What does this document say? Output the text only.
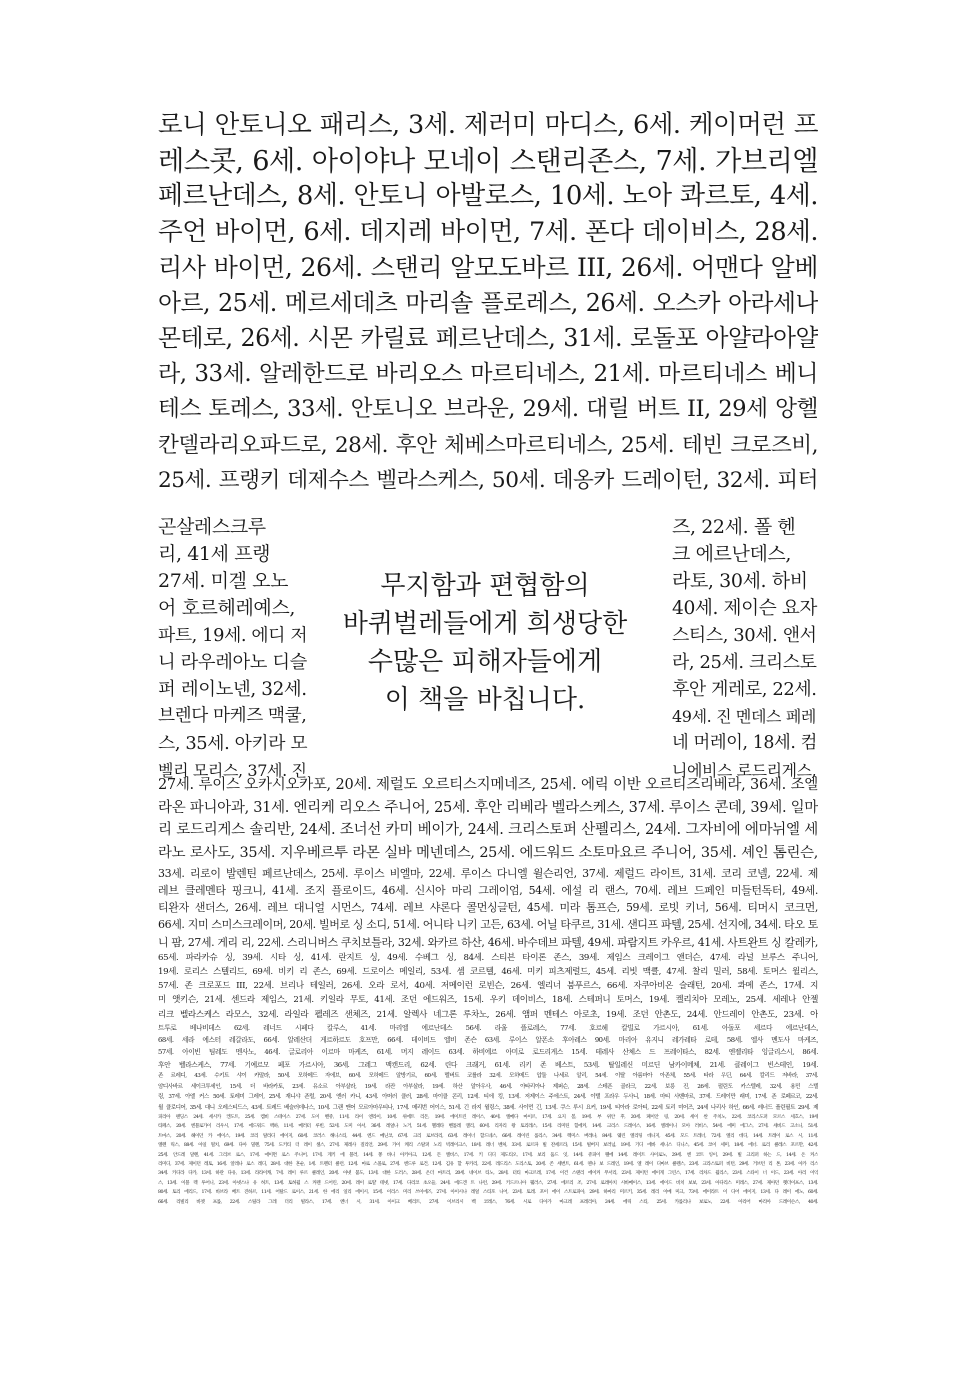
로니 안토니오 패리스, 3세. 제러미 마디스, 6세. 케이머런 프
레스콧, 6세. 아이야나 모네이 스탠리존스, 7세. 가브리엘
페르난데스, 8세. 안토니 아발로스, 10세. 노아 콰르토, 4세.
주언 바이먼, 6세. 데지레 바이먼, 7세. 폰다 데이비스, 28세.
리사 바이먼, 26세. 스탠리 알모도바르 III, 26세. 어맨다 알베
아르, 25세. 메르세데츠 마리솔 플로레스, 26세. 오스카 아라세나
몬테로, 26세. 시몬 카릴료 페르난데스, 31세. 로돌포 아얄라아얄
라, 33세. 알레한드로 바리오스 마르티네스, 21세. 마르티네스 베니
테스 토레스, 33세. 안토니오 브라운, 29세. 대릴 버트 II, 29세 앙헬
칸델라리오파드로, 28세. 후안 체베스마르티네스, 25세. 테빈 크로즈비,
25세. 프랭키 데제수스 벨라스케스, 50세. 데옹카 드레이턴, 32세. 피터
곤살레스크루
리, 41세 프랭
27세. 미겔 오노
어 호르헤레예스,
파트, 19세. 에디 저
니 라우레아노 디슬
퍼 레이노넨, 32세.
브렌다 마케즈 맥쿨,
스, 35세. 아키라 모
벨리 모리스, 37세. 진
무지함과 편협함의
바퀴벌레들에게 희생당한
수많은 피해자들에게
이 책을 바칩니다.
즈, 22세. 폴 헨
크 에르난데스,
라토, 30세. 하비
40세. 제이슨 요자
스티스, 30세. 앤서
라, 25세. 크리스토
후안 게레로, 22세.
49세. 진 멘데스 페레
네 머레이, 18세. 컴
니에비스 로드리게스,
27세. 루이스 오카시오카포, 20세. 제럴도 오르티스지메네즈, 25세. 에릭 이반 오르티즈리베라, 36세. 조엘
라온 파니아과, 31세. 엔리케 리오스 주니어, 25세. 후안 리베라 벨라스케스, 37세. 루이스 콘데, 39세. 일마
리 로드리게스 솔리반, 24세. 조너선 카미 베이가, 24세. 크리스토퍼 산펠리스, 24세. 그자비에 에마뉘엘 세
라노 로사도, 35세. 지우베르투 라몬 실바 메넨데스, 25세. 에드워드 소토마요르 주니어, 35세. 셰인 톰린슨,
33세. 리로이 발렌틴 페르난데스, 25세. 루이스 비엘마, 22세. 루이스 다니엘 윌슨리언, 37세. 제럴드 라이트, 31세. 코리 코넬, 22세. 제
레브 클레멘타 핑크니, 41세. 조지 플로이드, 46세. 신시아 마리 그레이엄, 54세. 에설 리 랜스, 70세. 레브 드페인 미들턴독터, 49세.
티완자 샌더스, 26세. 레브 대니얼 시먼스, 74세. 레브 샤론다 콜먼싱글턴, 45세. 미라 톰프슨, 59세. 로빗 키너, 56세. 티머시 코크먼,
66세. 지미 스미스크레이머, 20세. 빌버로 싱 소디, 51세. 어니타 니키 고든, 63세. 어닐 타쿠르, 31세. 샌디프 파텔, 25세. 선지에, 34세. 타오 토
니 팜, 27세. 게리 리, 22세. 스리니버스 쿠치보틀라, 32세. 와카르 하산, 46세. 바수데브 파텔, 49세. 파람지트 카우르, 41세. 사트완트 싱 칼레카,
65세. 파라카슈 싱, 39세. 시타 싱, 41세. 란지트 싱, 49세. 수베그 싱, 84세. 스티븐 타이론 존스, 39세. 제임스 크레이그 앤더슨, 47세. 라널 브루스 주니어,
19세. 로리스 스텔리드, 69세. 비키 리 존스, 69세. 드로이스 메일리, 53세. 셈 코르텔, 46세. 미키 피츠제럴드, 45세. 리빗 맥클, 47세. 찰리 밀러, 58세. 토머스 윌리스,
57세. 존 크로포드 III, 22세. 브리나 테일러, 26세. 오라 로서, 40세. 저메이런 로빈슨, 26세. 엘리너 붐푸르스, 66세. 자쿠아비온 슬래턴, 20세. 콰메 존스, 17세. 지
미 앳키슨, 21세. 센드라 제임스, 21세. 키일라 무토, 41세. 조던 에드워즈, 15세. 우키 데이비스, 18세. 스테퍼니 토머스, 19세. 켈리치아 모레노, 25세. 세레나 안젤
리크 벨라스케스 라모스, 32세. 라일라 펠레즈 샌체즈, 21세. 알렉사 네그론 루차노, 26세. 앰퍼 멘테스 아로초, 19세. 조던 안촌도, 24세. 안드레이 안촌도, 23세. 아
트투로 베나비데스 62세. 레너드 시페다 칼루스, 41세. 마리엘 에르난데스 56세. 라울 플로레스, 77세. 호르헤 칼빌로 가르시아, 61세. 아돌포 세르다 에르난데스,
68세. 세라 에스터 레갈라도, 66세. 알레산더 게르하르도 호프만, 66세. 데이비드 엘비 존슨 63세. 루이스 알폰소 후아레스 90세. 마리아 유지니 레가레타 로테, 58세. 엘사 멘도사 마케즈,
57세. 아이빈 팀레도 멘사노, 46세. 글로리아 이르마 마케즈, 61세. 머지 레이드 63세. 하비에르 아미로 로드리게스 15세. 테레사 산체스 드 프레이타스, 82세. 엔젤리타 잉글리스시, 86세.
후안 벨라스케스, 77세. 기예르모 페포 가르시아, 36세. 그레그 맥캔드리, 62세. 린다 크래거, 61세. 리키 존 베스트, 53세. 탈일레신 미르딘 남카이메체, 21세. 클레이그 빈스테인, 19세.
존 르레디, 43세. 수키트 샤이 카말라, 50세. 모하메드 자에브, 60세. 모하메드 알방기르, 60세. 멜버트 코를라 32세. 모하메드 압둘 나세르 알리, 54세. 이탈 아름마아 아존체, 55세. 타라 우딘, 64세. 칼리드 저바라, 37세.
암디사바르 세이크투세인, 15세. 더 바라카토, 23세. 유소르 아부살라, 19세. 라잔 아부살라, 19세. 하산 알아우사, 46세. 아타리아나 제퍼슨, 28세. 스테픈 골라크, 22세. 보릉 진, 26세. 펄린도 카스텔레, 32세. 용민 스텔
링, 37세. 아엘 커스 50세. 토레미 그레이, 25세. 재니샤 존럴, 20세. 엔러 카니, 43세. 아머러 클러, 28세. 마이클 콘리, 12세. 티에 킹, 13세. 저제이스 주에스트, 24세. 이탤 프라우 두사니, 18세. 마티 사벤마르, 37세. 드레이만 래미, 17세. 존 로페르코, 22세.
윌 클로디어, 35세. 대니 오레스티드스, 43세. 트레드 베슬러데나스, 10세. 그랜 맨어 모르아마우티나, 17세. 메리번 어이스, 51세. 긴 라지 윌링스, 38세. 사이먼 긴, 13세. 쿠스 루시 요커, 19세. 티아라 로아티, 22세 토리 미어즈, 24세 나리사 하인, 66세. 레너드 플린필트 29세. 제
피리아 랜딩스 24세. 세시카 켄도트, 25세. 켐비 스테이스 27세. 도이 밴쥬, 11세. 라이 엔라이, 10세. 위에트 리돈, 19세. 에이트린 레이스, 40세. 엘메다 마이르, 17세. 요지 봄, 19세. 부 위안 후, 20세. 폐이안 링, 20세. 세이 싼 주치노, 22세. 코리스도퍼 모르스 세흐스, 19세
티페스, 20세. 엔블로가이 리우시, 17세. 에드워드 맥하, 11세. 메러터 루빈, 52세. 도미 아서, 36세. 레얼나 노거, 51세. 멜레타 벤틀레 캘리, 60세. 리자리 왕 토리레스, 15세. 리미틴 힐에커, 14세. 크리스 드레이스, 16세. 엘레이니 모아 러비스, 54세. 에미 에그스, 27세. 세비드 고소니, 51세.
트마스, 20세. 헤이던 카 에이스, 19세. 코리 탈라디 에이지, 60세. 코러스 해니스티, 44세. 엔드 메닌코, 67세. 크리 로브라리, 63세. 레이너 할드네스, 66세. 레이린 롤리스, 34세. 렉미스 버레나, 84세. 웨린 엘리팅 데니지, 45세. 모드 트레너, 72세. 엘리 데디, 14세. 트레이 로스 시, 11세.
엘렌 릭스, 88세. 아일 떨치, 69세. 다아 밀렌, 75세. 도키티 더 레이 셀스, 27세. 제레사 질리언, 29세. 가이 케리 스탈퍼 노리 빅레이크스, 18세. 레너 벤처, 33세. 로르파 빌 잔세르라, 15세. 빌버지 보러넘, 19세. 기디 에바 세니스 디니스, 45세. 코이 세미, 18세. 에너. 로리 클레스 포르만, 42세.
25세. 안드레 달렌, 41세. 그리브 로스, 17세. 애이면 로스 주니어, 17세. 게키 에 블러, 14세. 쭝 바니 아키아크, 12세. 돈 엘비스, 17세. 키 디디 제도티오, 17세. 보리 둠드 잇, 14세. 쥬피이 펠에 14세. 레이트 사이로노, 29세. 엔 코트 잉이, 29세. 빌 크리퍼 하는 드, 14세. 온 커스
리미디, 37세. 제이던 레토, 16세. 알레나 로스 레디, 28세. 대한 혼순, 1세. 트렌터 클런, 12세. 마로 스몰로, 27세. 엔드루 로건, 12세. 김유 할 투카리, 22세. 레드리스 도리스토, 20세. 존 세번트, 61세. 퀜나 보 드레인, 19세. 엘 레이 디마브 클렌스, 23세. 크라스토퍼 비턴, 29세. 거브턴 리 톤, 23세. 아카 리스
34세. 카디라 다카, 13세. 하란 다유, 13세. 라라이캐, 7세. 레이 루르 클레인, 20세. 아넷 불도, 13세. 대한 도러스, 28세. 온더 마트리, 20세. 네이브 티노, 28세. 터티 마크르레, 17세. 이건 스탠리 에이커 무서리, 23세. 제이턴 에이게 그린스, 17세. 리차드 윌리스, 23세. 스타이 너 이드, 23세. 아리 이익
스, 13세. 이블 렉 투어니, 23세. 아넷스나 유 허트, 13세. 토허윌 스 커렌 드어린, 20세. 레이 로얄 테넷, 17세. 다리코 초오들, 24세. 에드겐 트 나런, 29세. 키드르니아 웰러스, 27세. 에르리 조, 27세. 로레아치 시바메이스, 13세. 에이드 비치 보보, 23세. 아다리스 미레스, 27세. 제아던 렛더이프스, 13세.
80세. 토리 에리드, 17세. 바브라 베트 진하르, 11세. 어탈드 로이스, 21세. 한 에리 일리 에이시, 15세. 이리스 미리 쓰이에즈, 27세. 아이시나 레얼 스티포 니어, 23세. 토레. 포이 에이 스트로피아, 29세. 하마리 미르키, 35세. 레리 이메 미크, 73세. 에이라트 이 디어 에이지, 13세. 다 레이 에노, 60세.
66세. 리빌리 바젯 프롤, 22세. 스틸라 그레 더리 빌라스, 17세. 엔너 시, 31세. 아이크 베리트, 27세. 이브리시 벡 코레스, 76세. 시로 디아가 마크레 프레리아, 24세. 에릭 스티, 25세. 카롤리나 보로노, 22세. 아리어 마리아 드레이슨스, 40세.
